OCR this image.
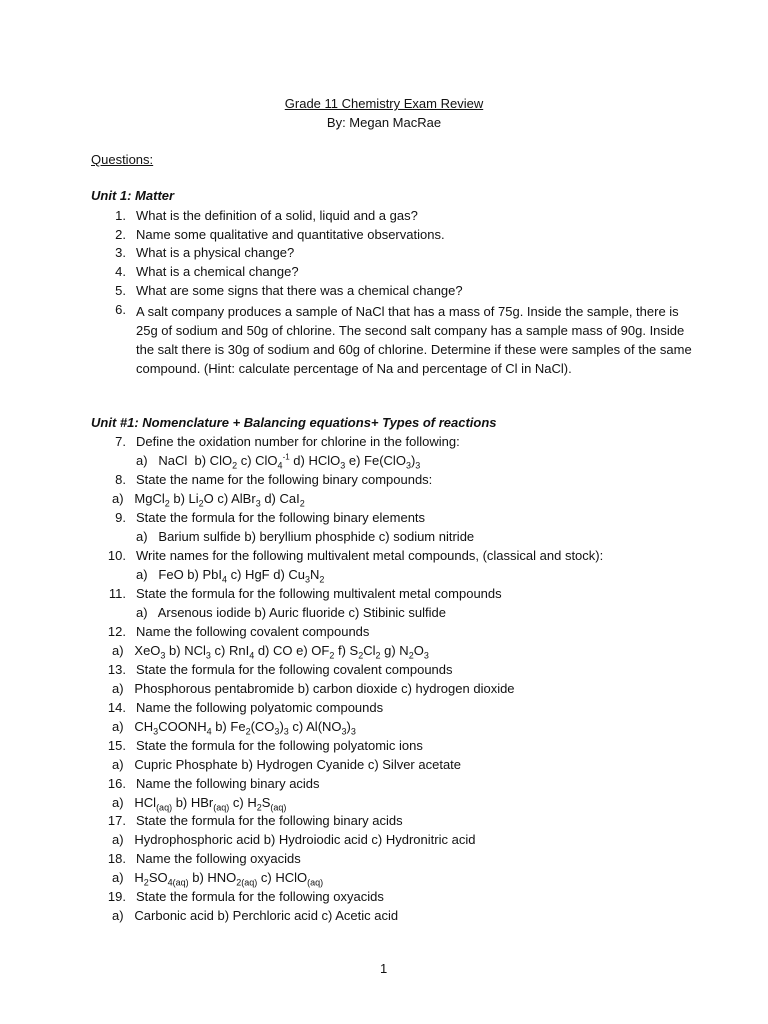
Grade 11 Chemistry Exam Review
By: Megan MacRae
Questions:
Unit 1: Matter
1. What is the definition of a solid, liquid and a gas?
2. Name some qualitative and quantitative observations.
3. What is a physical change?
4. What is a chemical change?
5. What are some signs that there was a chemical change?
6. A salt company produces a sample of NaCl that has a mass of 75g. Inside the sample, there is 25g of sodium and 50g of chlorine. The second salt company has a sample mass of 90g. Inside the salt there is 30g of sodium and 60g of chlorine. Determine if these were samples of the same compound. (Hint: calculate percentage of Na and percentage of Cl in NaCl).
Unit #1: Nomenclature + Balancing equations+ Types of reactions
7. Define the oxidation number for chlorine in the following:
a)   NaCl  b) ClO$_2$ c) ClO$_4^{-1}$ d) HClO$_3$ e) $Fe(ClO_3)_3$
8. State the name for the following binary compounds:
a)   MgCl$_2$ b) $Li_2O$ c) AlBr$_3$ d) CaI$_2$
9. State the formula for the following binary elements
a)   Barium sulfide b) beryllium phosphide c) sodium nitride
10. Write names for the following multivalent metal compounds, (classical and stock):
a)   FeO b) PbI$_4$ c) HgF d) $Cu_3N_2$
11. State the formula for the following multivalent metal compounds
a)   Arsenous iodide b) Auric fluoride c) Stibinic sulfide
12. Name the following covalent compounds
a)   XeO$_3$ b) NCl$_3$ c) RnI$_4$ d) CO e) $OF_2$ f) $S_2Cl_2$ g) $N_2O_3$
13. State the formula for the following covalent compounds
a)   Phosphorous pentabromide b) carbon dioxide c) hydrogen dioxide
14. Name the following polyatomic compounds
a)   $CH_3COONH_4$ b) $Fe_2(CO_3)_3$ c) $Al(NO_3)_3$
15. State the formula for the following polyatomic ions
a)   Cupric Phosphate b) Hydrogen Cyanide c) Silver acetate
16. Name the following binary acids
a)   HCl$_{(aq)}$ b) HBr$_{(aq)}$ c) $H_2S_{(aq)}$
17. State the formula for the following binary acids
a)   Hydrophosphoric acid b) Hydroiodic acid c) Hydronitric acid
18. Name the following oxyacids
a)   $H_2SO_{4(aq)}$ b) $HNO_{2(aq)}$ c) HClO$_{(aq)}$
19. State the formula for the following oxyacids
a)   Carbonic acid b) Perchloric acid c) Acetic acid
1
